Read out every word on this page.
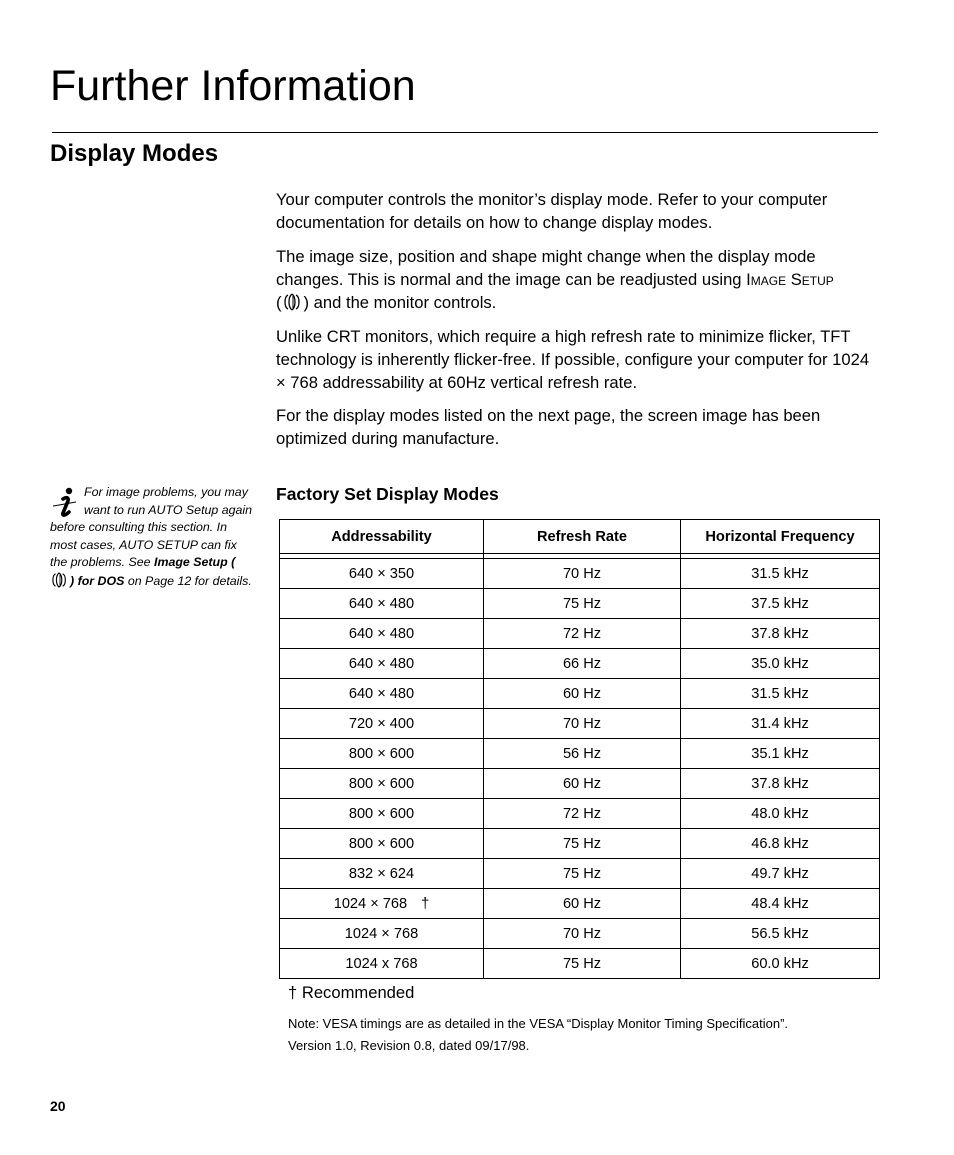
Further Information
Display Modes

Your computer controls the monitor’s display mode. Refer to your computer documentation for details on how to change display modes.

The image size, position and shape might change when the display mode changes. This is normal and the image can be readjusted using Image Setup
( ) and the monitor controls.

Unlike CRT monitors, which require a high refresh rate to minimize flicker, TFT technology is inherently flicker-free. If possible, configure your computer for 1024 × 768 addressability at 60Hz vertical refresh rate.

For the display modes listed on the next page, the screen image has been optimized during manufacture.

For image problems, you may want to run AUTO Setup again before consulting this section. In most cases, AUTO SETUP can fix the problems. See Image Setup () for DOS on Page 12 for details.

Factory Set Display Modes
Addressability	Refresh Rate	Horizontal Frequency

640 × 350	70 Hz	31.5 kHz
640 × 480	75 Hz	37.5 kHz
640 × 480	72 Hz	37.8 kHz
640 × 480	66 Hz	35.0 kHz
640 × 480	60 Hz	31.5 kHz
720 × 400	70 Hz	31.4 kHz
800 × 600	56 Hz	35.1 kHz
800 × 600	60 Hz	37.8 kHz
800 × 600	72 Hz	48.0 kHz
800 × 600	75 Hz	46.8 kHz
832 × 624	75 Hz	49.7 kHz
1024 × 768 †	60 Hz	48.4 kHz
1024 × 768	70 Hz	56.5 kHz
1024 x 768	75 Hz	60.0 kHz

† Recommended

Note: VESA timings are as detailed in the VESA “Display Monitor Timing Specification”.
Version 1.0, Revision 0.8, dated 09/17/98.

20
